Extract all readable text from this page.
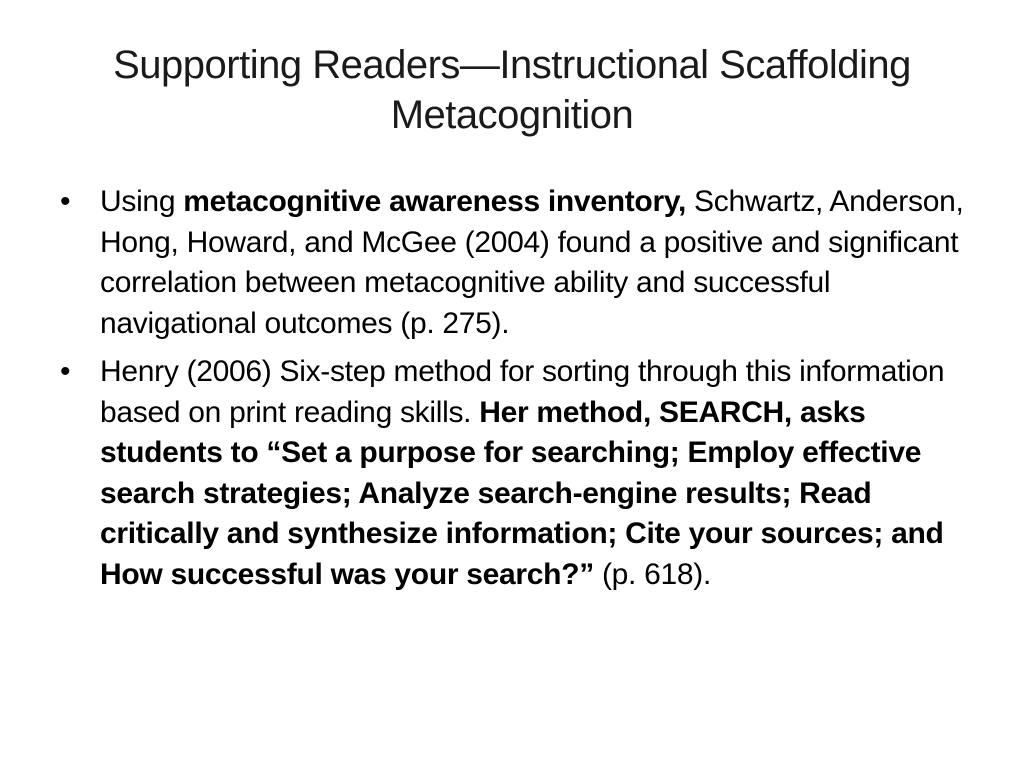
Supporting Readers—Instructional Scaffolding
Metacognition
• Using metacognitive awareness inventory, Schwartz, Anderson, Hong, Howard, and McGee (2004) found a positive and significant correlation between metacognitive ability and successful navigational outcomes (p. 275).
• Henry (2006) Six-step method for sorting through this information based on print reading skills. Her method, SEARCH, asks students to “Set a purpose for searching; Employ effective search strategies; Analyze search-engine results; Read critically and synthesize information; Cite your sources; and How successful was your search?” (p. 618).
